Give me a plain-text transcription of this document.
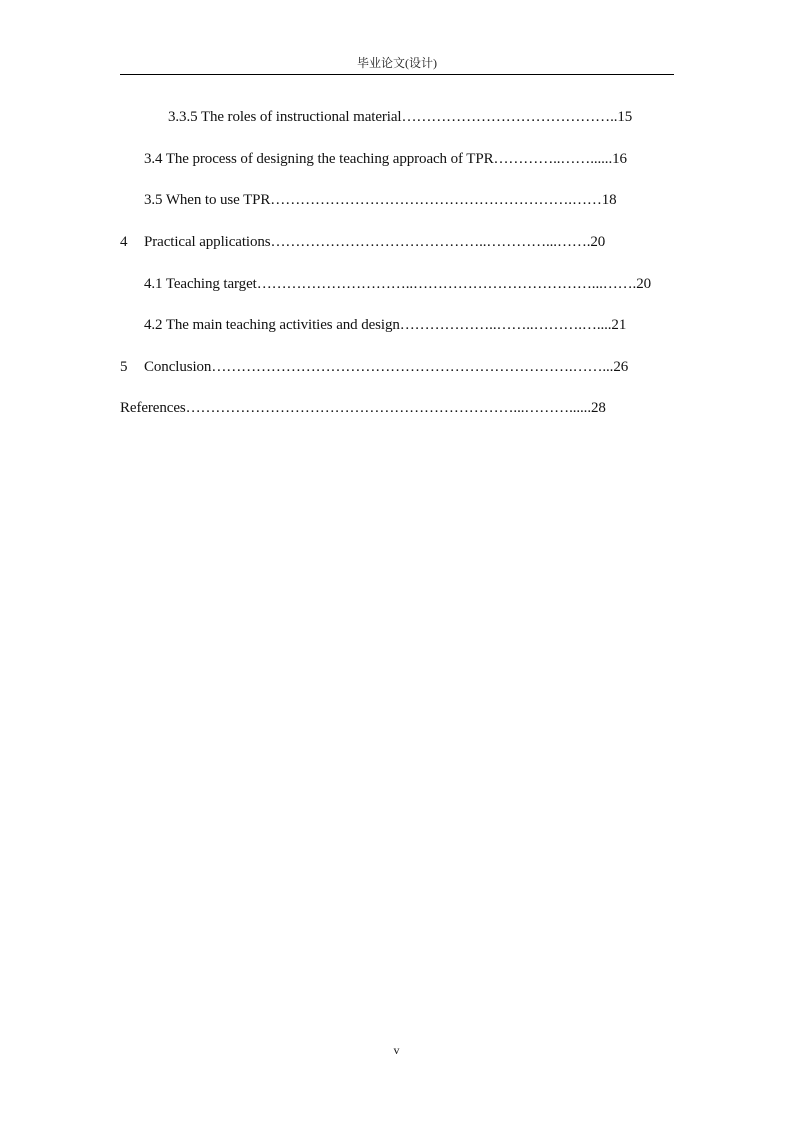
毕业论文(设计)
3.3.5 The roles of instructional material……………………………………..15
3.4 The process of designing the teaching approach of TPR…………..……......16
3.5 When to use TPR…………………………………………………….……18
4 Practical applications……………………………………..…………...…….20
4.1 Teaching target…………………………..………………………………...…….20
4.2 The main teaching activities and design………………..……..……….…....21
5 Conclusion……………………………………………………………….……...26
References…………………………………………………………...………......28
v
